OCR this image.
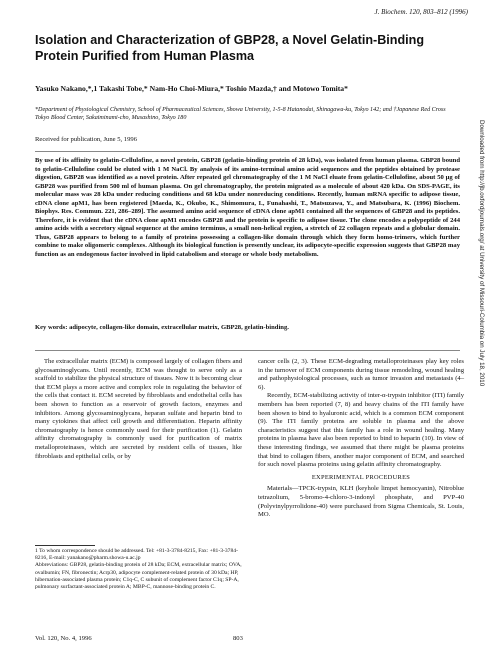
J. Biochem. 120, 803–812 (1996)
Isolation and Characterization of GBP28, a Novel Gelatin-Binding Protein Purified from Human Plasma
Yasuko Nakano,*,1 Takashi Tobe,* Nam-Ho Choi-Miura,* Toshio Mazda,† and Motowo Tomita*
*Department of Physiological Chemistry, School of Pharmaceutical Sciences, Showa University, 1-5-8 Hatanodai, Shinagawa-ku, Tokyo 142; and †Japanese Red Cross Tokyo Blood Center, Sakaiminami-cho, Musashino, Tokyo 180
Received for publication, June 5, 1996
By use of its affinity to gelatin-Cellulofine, a novel protein, GBP28 (gelatin-binding protein of 28 kDa), was isolated from human plasma. GBP28 bound to gelatin-Cellulofine could be eluted with 1 M NaCl. By analysis of its amino-terminal amino acid sequences and the peptides obtained by protease digestion, GBP28 was identified as a novel protein. After repeated gel chromatography of the 1 M NaCl eluate from gelatin-Cellulofine, about 50 μg of GBP28 was purified from 500 ml of human plasma. On gel chromatography, the protein migrated as a molecule of about 420 kDa. On SDS-PAGE, its molecular mass was 28 kDa under reducing conditions and 68 kDa under nonreducing conditions. Recently, human mRNA specific to adipose tissue, cDNA clone apM1, has been registered [Maeda, K., Okubo, K., Shimomura, I., Funahashi, T., Matsuzawa, Y., and Matsubara, K. (1996) Biochem. Biophys. Res. Commun. 221, 286–289]. The assumed amino acid sequence of cDNA clone apM1 contained all the sequences of GBP28 and its peptides. Therefore, it is evident that the cDNA clone apM1 encodes GBP28 and the protein is specific to adipose tissue. The clone encodes a polypeptide of 244 amino acids with a secretory signal sequence at the amino terminus, a small non-helical region, a stretch of 22 collagen repeats and a globular domain. Thus, GBP28 appears to belong to a family of proteins possessing a collagen-like domain through which they form homo-trimers, which further combine to make oligomeric complexes. Although its biological function is presently unclear, its adipocyte-specific expression suggests that GBP28 may function as an endogenous factor involved in lipid catabolism and storage or whole body metabolism.
Key words: adipocyte, collagen-like domain, extracellular matrix, GBP28, gelatin-binding.

The extracellular matrix (ECM) is composed largely of collagen fibers and glycosaminoglycans. Until recently, ECM was thought to serve only as a scaffold to stabilize the physical structure of tissues. Now it is becoming clear that ECM plays a more active and complex role in regulating the behavior of the cells that contact it. ECM secreted by fibroblasts and endothelial cells has been shown to function as a reservoir of growth factors, enzymes and inhibitors. Among glycosaminoglycans, heparan sulfate and heparin bind to many cytokines that affect cell growth and differentiation. Heparin affinity chromatography is hence commonly used for their purification (1). Gelatin affinity chromatography is commonly used for purification of matrix metalloproteinases, which are secreted by resident cells of tissues, like fibroblasts and epithelial cells, or by

1 To whom correspondence should be addressed. Tel: +81-3-3784-8215, Fax: +81-3-3784-8216, E-mail: yanakano@pharm.showa-u.ac.jp

Abbreviations: GBP28, gelatin-binding protein of 28 kDa; ECM, extracellular matrix; OVA, ovalbumin; FN, fibronectin; Acrp30, adipocyte complement-related protein of 30 kDa; HP, hibernation-associated plasma protein; C1q-C, C subunit of complement factor C1q; SP-A, pulmonary surfactant-associated protein A; MBP-C, mannose-binding protein C.

cancer cells (2, 3). These ECM-degrading metalloproteinases play key roles in the turnover of ECM components during tissue remodeling, wound healing and pathophysiological processes, such as tumor invasion and metastasis (4–6).

Recently, ECM-stabilizing activity of inter-α-trypsin inhibitor (ITI) family members has been reported (7, 8) and heavy chains of the ITI family have been shown to bind to hyaluronic acid, which is a common ECM component (9). The ITI family proteins are soluble in plasma and the above characteristics suggest that this family has a role in wound healing. Many proteins in plasma have also been reported to bind to heparin (10). In view of these interesting findings, we assumed that there might be plasma proteins that bind to collagen fibers, another major component of ECM, and searched for such novel plasma proteins using gelatin affinity chromatography.

EXPERIMENTAL PROCEDURES

Materials—TPCK-trypsin, KLH (keyhole limpet hemocyanin), Nitroblue tetrazolium, 5-bromo-4-chloro-3-indonyl phosphate, and PVP-40 (Polyvinylpyrrolidone-40) were purchased from Sigma Chemicals, St. Louis, MO.

Vol. 120, No. 4, 1996	803
Downloaded from http://jb.oxfordjournals.org/ at University of Missouri-Columbia on July 18, 2010
